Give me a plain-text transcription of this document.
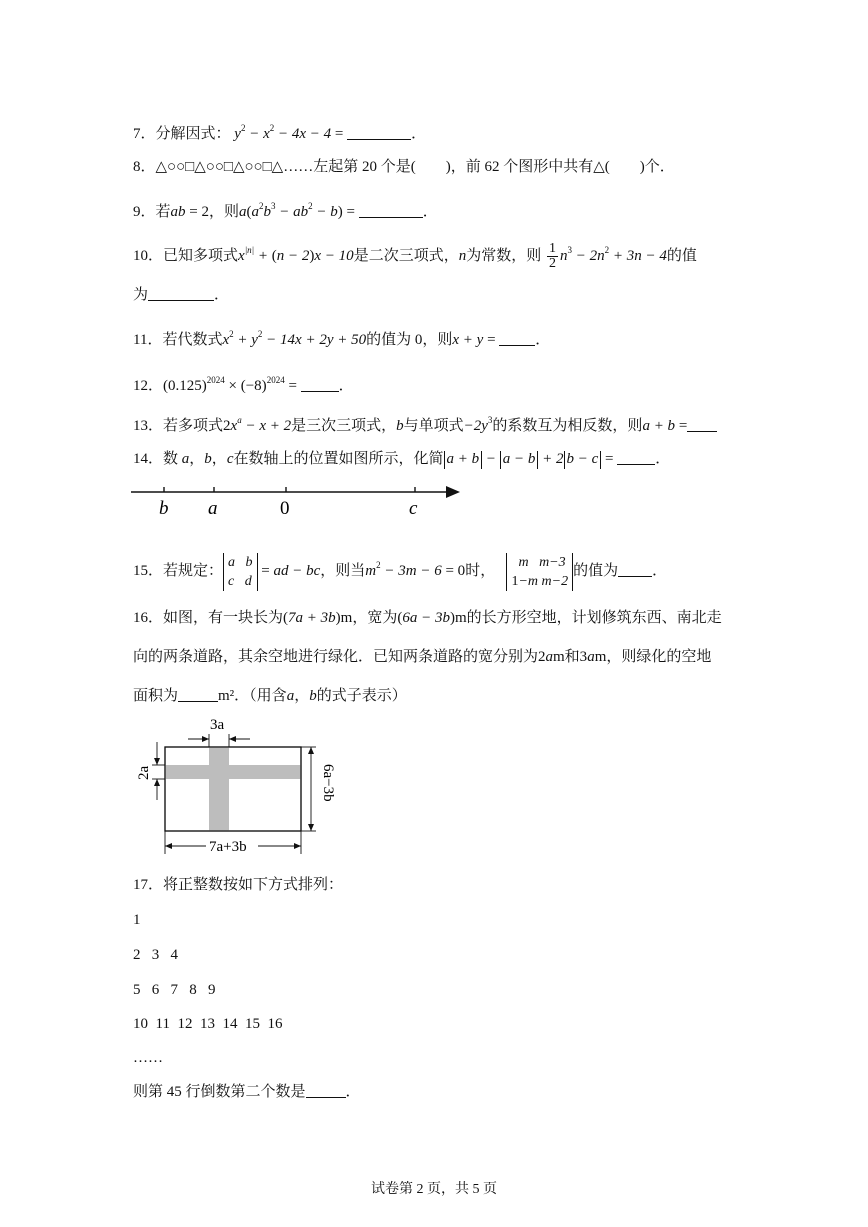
7．分解因式： $y^2 - x^2 - 4x - 4$ =	．
8．△○○□△○○□△○○□△……左起第 20 个是(　　)，前 62 个图形中共有△(　　)个．
9．若ab = 2，则$a(a^2b^3 - ab^2 - b)$ =	．
10．已知多项式$x^{|n|} + (n - 2)x - 10$是二次三项式，n为常数，则 $\frac{1}{2} n^3 - 2n^2 + 3n - 4$的值
为	．
11．若代数式$x^2 + y^2 - 14x + 2y + 50$的值为 0，则x + y =	．
12．$(0.125)^{2024} \times (-8)^{2024}$ =	．
13．若多项式$2x^a - x + 2$是三次三项式，b与单项式$-2y^3$的系数互为相反数，则a + b =
14．数 a，b，c在数轴上的位置如图所示，化简 a + b − a − b + 2 b − c =	．
b a	0	c
15．若规定：
a   b
c   d
= ad − bc，则当$m^2 - 3m - 6 = 0$时，
m   m−3
1−m m−2
的值为 ．
16．如图，有一块长为(7a + 3b)m，宽为(6a − 3b)m的长方形空地，计划修筑东西、南北走
向的两条道路，其余空地进行绿化．已知两条道路的宽分别为2am和3am，则绿化的空地
面积为	m²．（用含a，b的式子表示）
3a
2a	6a−3b
7a+3b
17．将正整数按如下方式排列：
1
2   3   4
5   6   7   8   9
10  11  12  13  14  15  16
……
则第 45 行倒数第二个数是	．
试卷第 2 页，共 5 页
